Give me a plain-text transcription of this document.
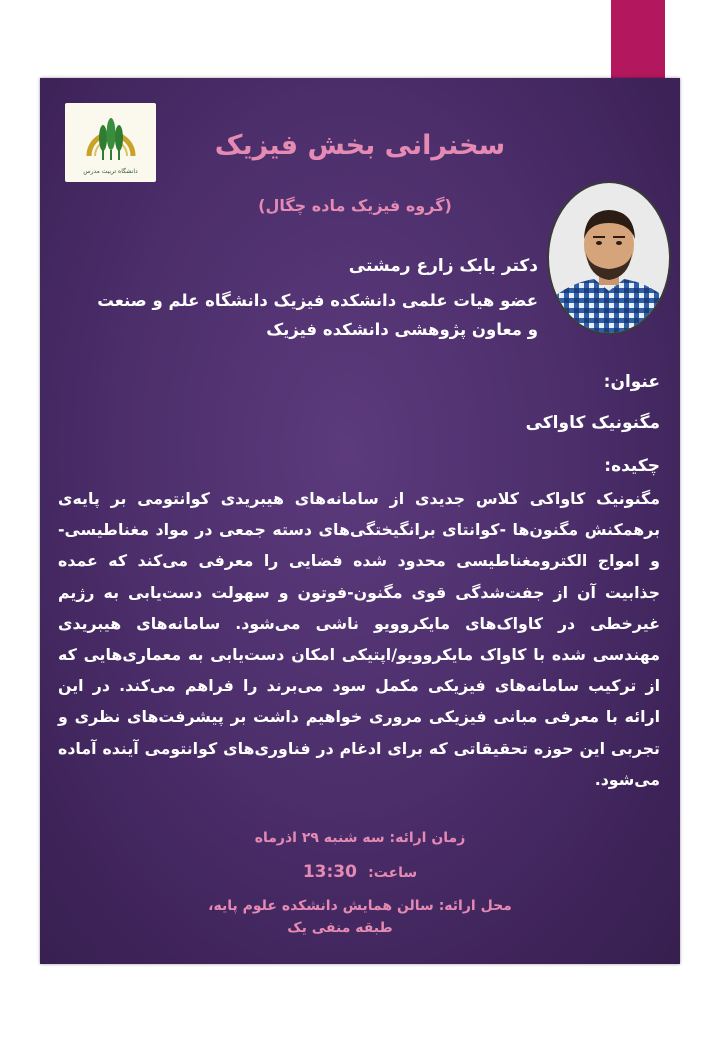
دانشگاه تربیت مدرس
سخنرانی بخش فیزیک
(گروه فیزیک ماده چگال)
دکتر بابک زارع رمشتی
عضو هیات علمی دانشکده فیزیک دانشگاه علم و صنعت
و معاون پژوهشی دانشکده فیزیک
عنوان:
مگنونیک کاواکی
چکیده:
مگنونیک کاواکی کلاس جدیدی از سامانه‌های هیبریدی کوانتومی بر پایه‌ی برهمکنش مگنون‌ها -کوانتای برانگیختگی‌های دسته جمعی در مواد مغناطیسی- و امواج الکترومغناطیسی محدود شده فضایی را معرفی می‌کند که عمده جذابیت آن از جفت‌شدگی قوی مگنون-فوتون و سهولت دست‌یابی به رژیم غیرخطی در کاواک‌های مایکروویو ناشی می‌شود. سامانه‌های هیبریدی مهندسی شده با کاواک مایکروویو/اپتیکی امکان دست‌یابی به معماری‌هایی که از ترکیب سامانه‌های فیزیکی مکمل سود می‌برند را فراهم می‌کند. در این ارائه با معرفی مبانی فیزیکی مروری خواهیم داشت بر پیشرفت‌های نظری و تجربی این حوزه تحقیقاتی که برای ادغام در فناوری‌های کوانتومی آینده آماده می‌شود.
زمان ارائه: سه شنبه ۲۹ اذرماه
ساعت: 13:30
محل ارائه: سالن همایش دانشکده علوم پایه،
طبقه منفی یک
